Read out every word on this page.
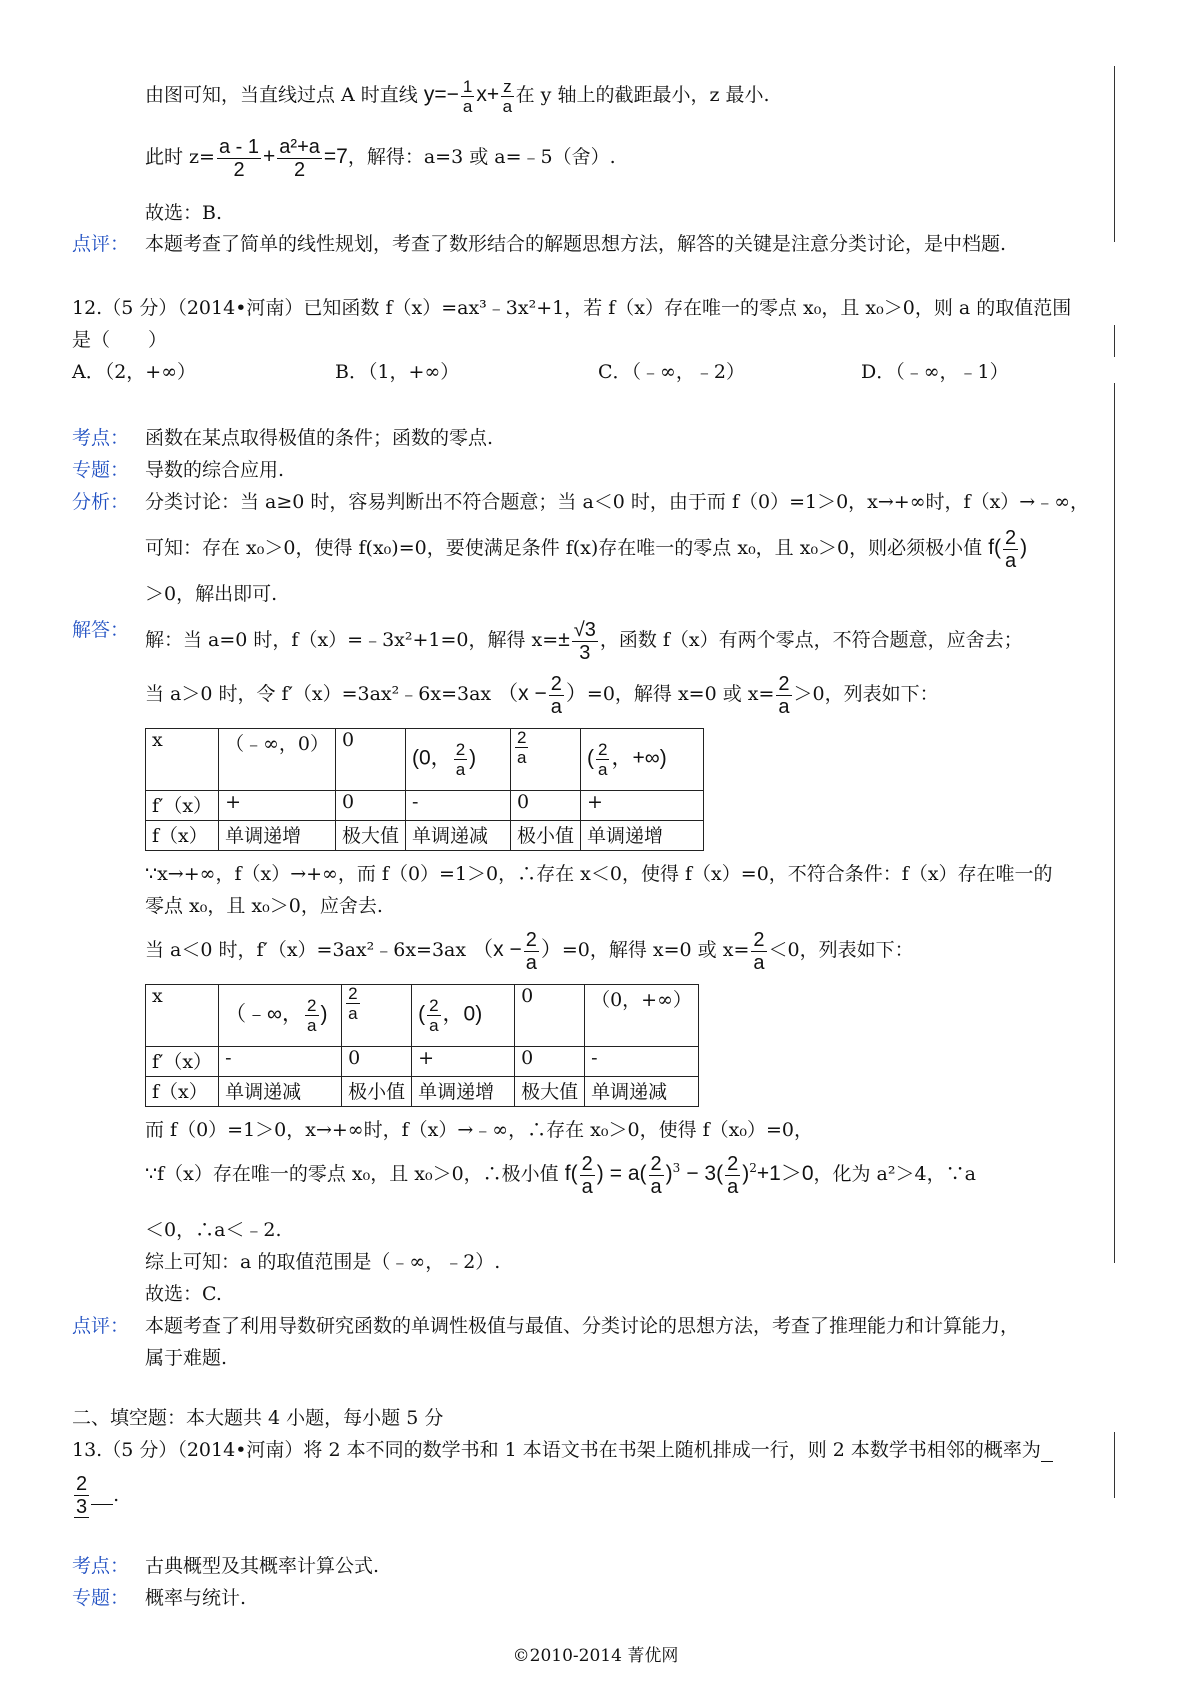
由图可知，当直线过点 A 时直线 $y=- \frac{1}{a} x+ \frac{z}{a}$ 在 y 轴上的截距最小，z 最小.
此时 $z= \frac{a - 1}{2} + \frac{\text{a²+a}}{2} =7$，解得：a=3 或 a=﹣5（舍）.
故选：B.
点评： 本题考查了简单的线性规划，考查了数形结合的解题思想方法，解答的关键是注意分类讨论，是中档题.
12.（5 分）（2014•河南）已知函数 f（x）=ax³﹣3x²+1，若 f（x）存在唯一的零点 x₀，且 x₀＞0，则 a 的取值范围
是（　　）
A．（2，+∞）	B．（1，+∞）	C．（﹣∞，﹣2）	D．（﹣∞，﹣1）
考点： 函数在某点取得极值的条件；函数的零点.
专题： 导数的综合应用.
分析： 分类讨论：当 a≥0 时，容易判断出不符合题意；当 a＜0 时，由于而 f（0）=1＞0，x→+∞时，f（x）→﹣∞，
可知：存在 x₀＞0，使得 f(x₀)=0，要使满足条件 f(x)存在唯一的零点 x₀，且 x₀＞0，则必须极小值 $f( \frac{2}{a}$ )
＞0，解出即可.
解答： 解：当 a=0 时，f（x）=﹣3x²+1=0，解得 $x=\pm \frac{√3}{3}$ ，函数 f（x）有两个零点，不符合题意，应舍去；
当 a＞0 时，令 f′（x）=3ax²﹣6x=3ax $(x - \frac{2}{a} )=0$，解得 x=0 或 $x= \frac{2}{a} >0$，列表如下：
x	（﹣∞，0）	0	(0， $\frac{2}{a}$ )	$\frac{2}{a}$	( $\frac{2}{a}$ ，+∞)
f′（x）	+	0	-	0	+
f（x）	单调递增	极大值	单调递减	极小值	单调递增
∵x→+∞，f（x）→+∞，而 f（0）=1＞0，∴存在 x＜0，使得 f（x）=0，不符合条件：f（x）存在唯一的
零点 x₀，且 x₀＞0，应舍去.
当 a＜0 时，f′（x）=3ax²﹣6x=3ax $(x - \frac{2}{a} )=0$，解得 x=0 或 $x= \frac{2}{a} <0$，列表如下：
x	（﹣∞， $\frac{2}{a}$ )	$\frac{2}{a}$	( $\frac{2}{a}$ ，0)	0	（0，+∞）
f′（x）	-	0	+	0	-
f（x）	单调递减	极小值	单调递增	极大值	单调递减
而 f（0）=1＞0，x→+∞时，f（x）→﹣∞，∴存在 x₀＞0，使得 f（x₀）=0，
∵f（x）存在唯一的零点 x₀，且 x₀＞0，∴极小值 $f( \frac{2}{a}$ ) = $a( \frac{2}{a} )^3 - 3( \frac{2}{a} )^2+1>0$，化为 a²＞4，∵a
＜0，∴a＜﹣2.
综上可知：a 的取值范围是（﹣∞，﹣2）.
故选：C.
点评： 本题考查了利用导数研究函数的单调性极值与最值、分类讨论的思想方法，考查了推理能力和计算能力，
属于难题.
二、填空题：本大题共 4 小题，每小题 5 分
13.（5 分）（2014•河南）将 2 本不同的数学书和 1 本语文书在书架上随机排成一行，则 2 本数学书相邻的概率为
$\frac{2}{3}$ .
考点： 古典概型及其概率计算公式.
专题： 概率与统计.
©2010-2014 菁优网
